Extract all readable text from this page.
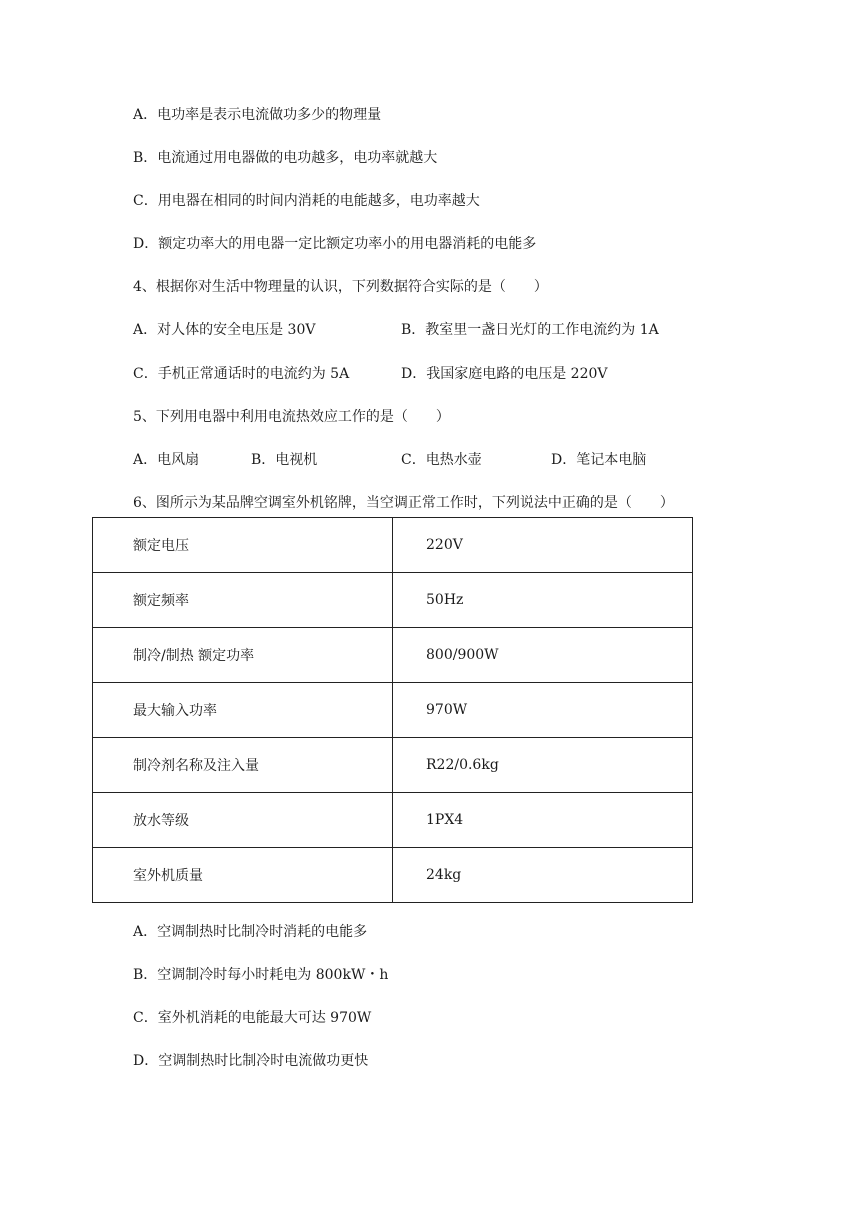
A．电功率是表示电流做功多少的物理量
B．电流通过用电器做的电功越多，电功率就越大
C．用电器在相同的时间内消耗的电能越多，电功率越大
D．额定功率大的用电器一定比额定功率小的用电器消耗的电能多
4、根据你对生活中物理量的认识，下列数据符合实际的是（　　）
A．对人体的安全电压是 30V	B．教室里一盏日光灯的工作电流约为 1A
C．手机正常通话时的电流约为 5A	D．我国家庭电路的电压是 220V
5、下列用电器中利用电流热效应工作的是（　　）
A．电风扇	B．电视机	C．电热水壶	D．笔记本电脑
6、图所示为某品牌空调室外机铭牌，当空调正常工作时，下列说法中正确的是（　　）
额定电压	220V
额定频率	50Hz
制冷/制热 额定功率	800/900W
最大输入功率	970W
制冷剂名称及注入量	R22/0.6kg
放水等级	1PX4
室外机质量	24kg
A．空调制热时比制冷时消耗的电能多
B．空调制冷时每小时耗电为 800kW・h
C．室外机消耗的电能最大可达 970W
D．空调制热时比制冷时电流做功更快
